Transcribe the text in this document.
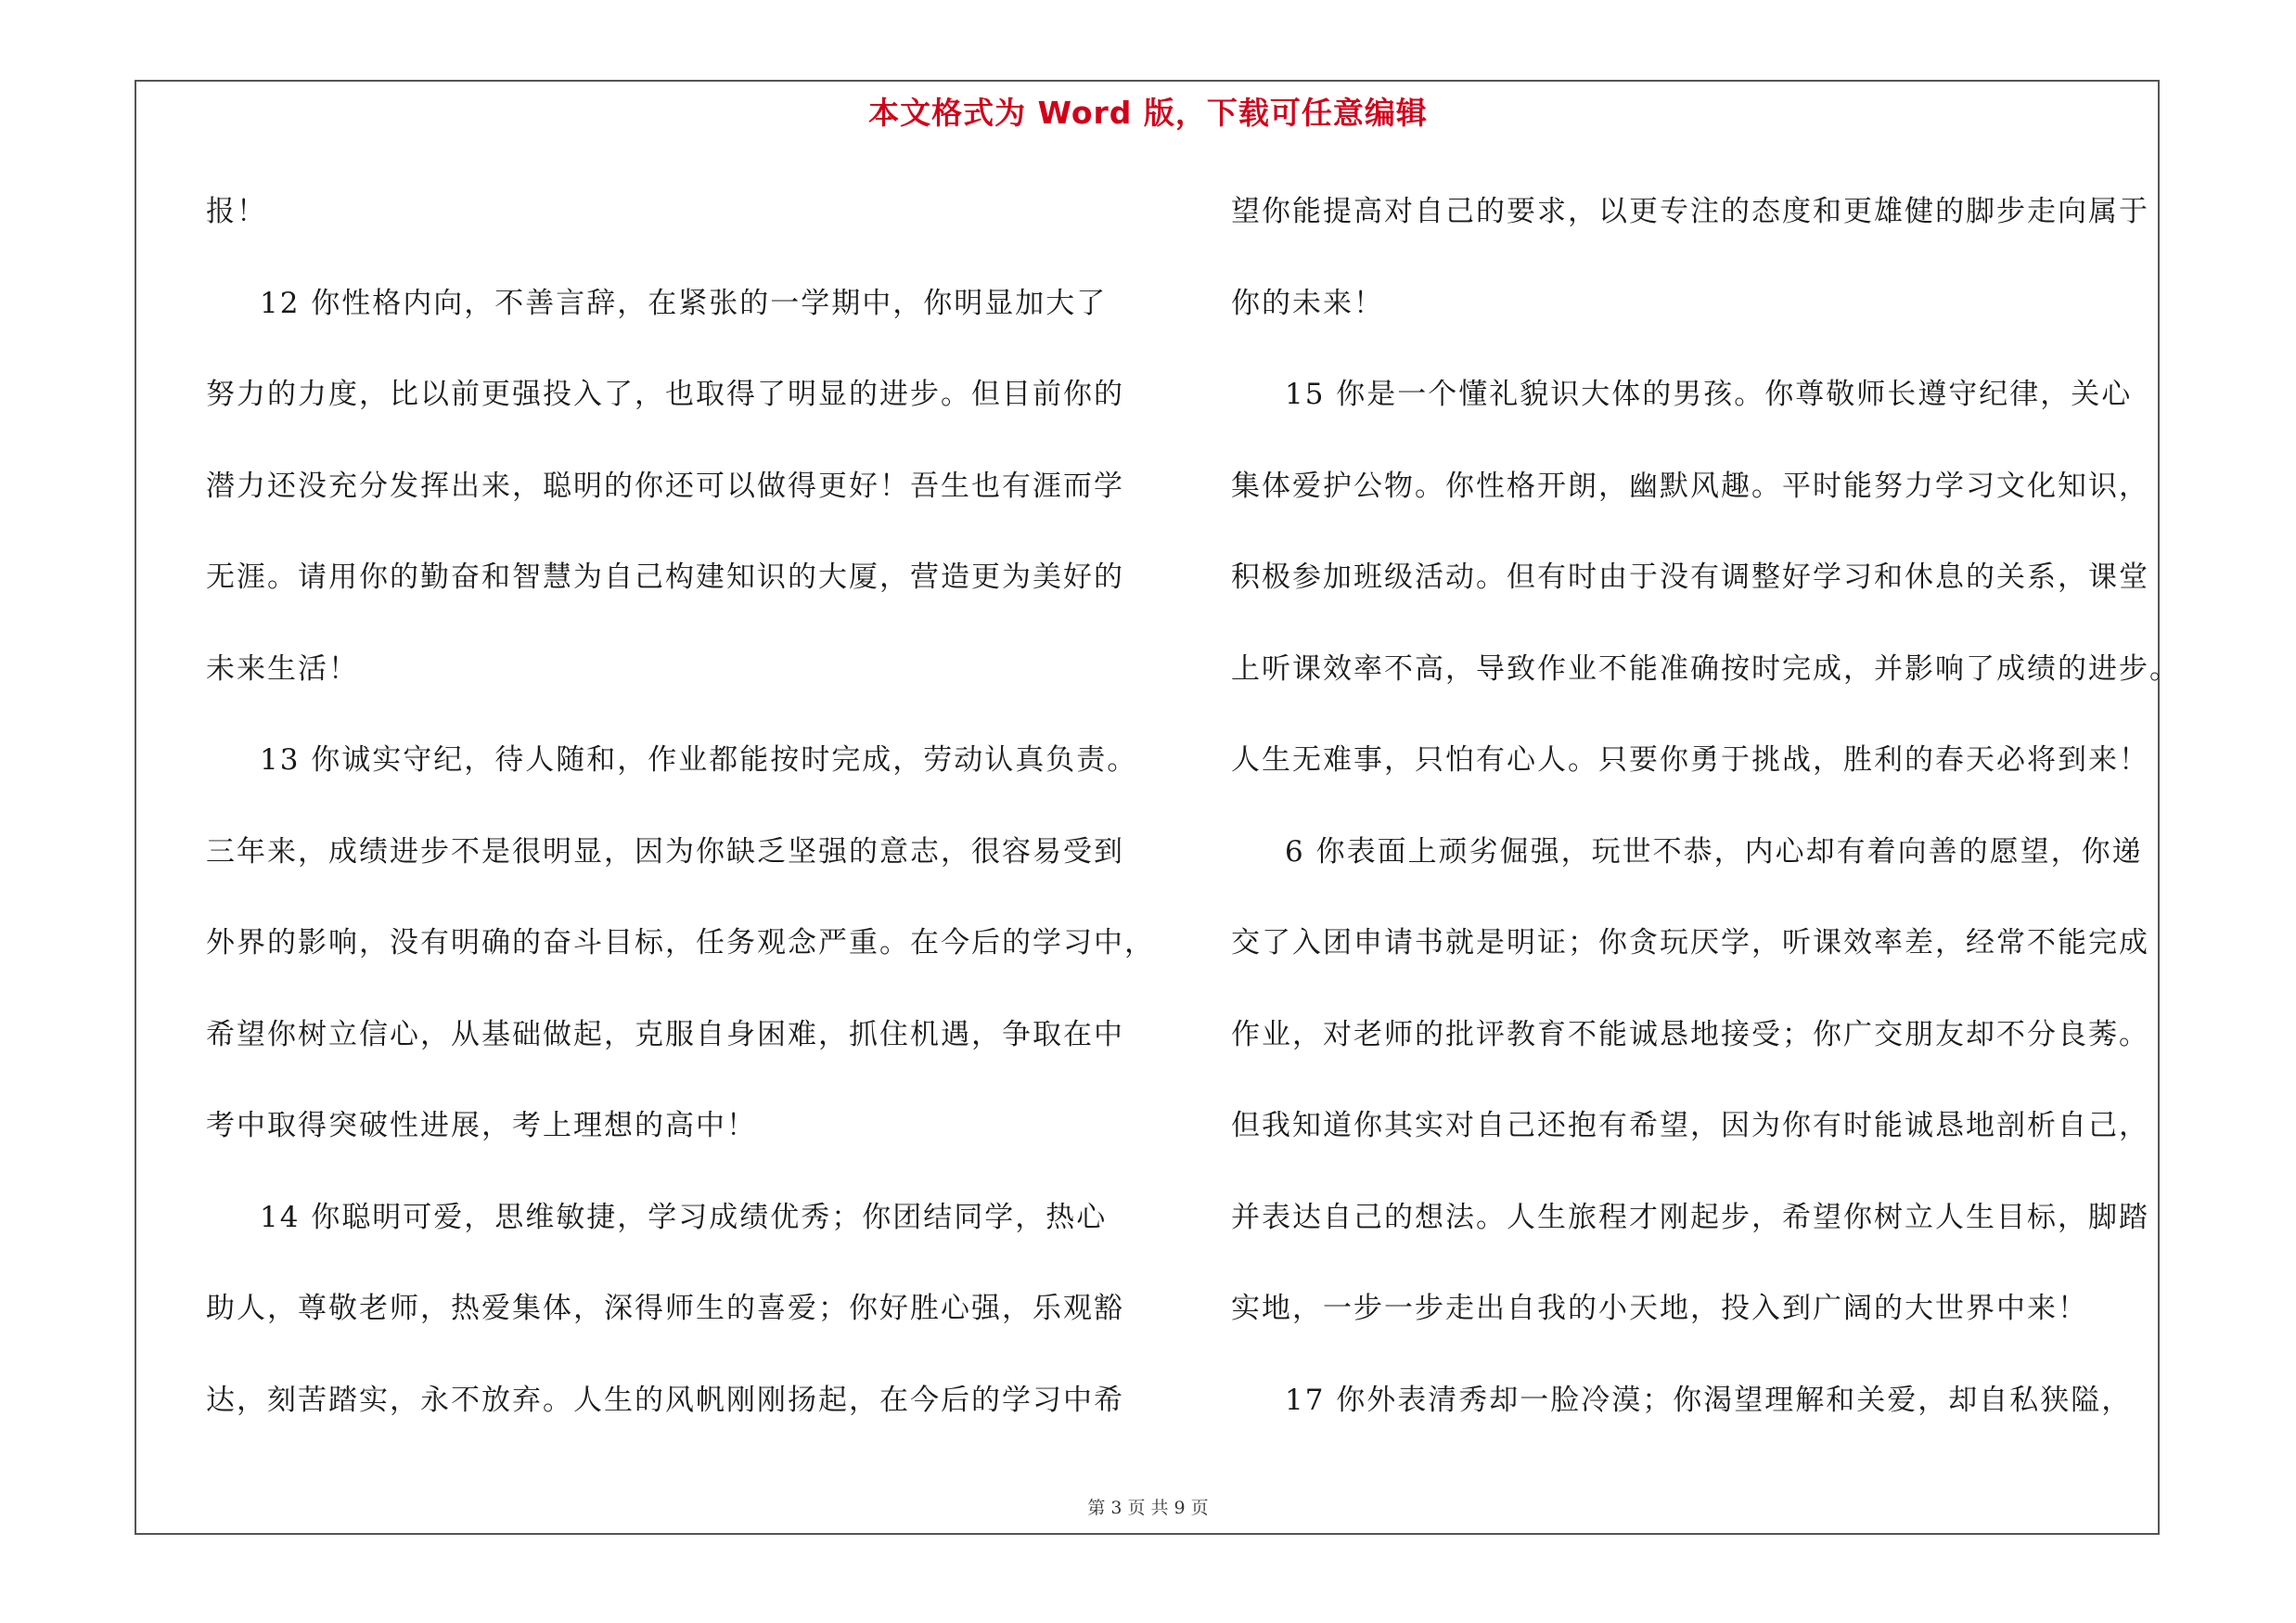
本文格式为 Word 版，下载可任意编辑
报！
12 你性格内向，不善言辞，在紧张的一学期中，你明显加大了
努力的力度，比以前更强投入了，也取得了明显的进步。但目前你的
潜力还没充分发挥出来，聪明的你还可以做得更好！吾生也有涯而学
无涯。请用你的勤奋和智慧为自己构建知识的大厦，营造更为美好的
未来生活！
13 你诚实守纪，待人随和，作业都能按时完成，劳动认真负责。
三年来，成绩进步不是很明显，因为你缺乏坚强的意志，很容易受到
外界的影响，没有明确的奋斗目标，任务观念严重。在今后的学习中，
希望你树立信心，从基础做起，克服自身困难，抓住机遇，争取在中
考中取得突破性进展，考上理想的高中！
14 你聪明可爱，思维敏捷，学习成绩优秀；你团结同学，热心
助人，尊敬老师，热爱集体，深得师生的喜爱；你好胜心强，乐观豁
达，刻苦踏实，永不放弃。人生的风帆刚刚扬起，在今后的学习中希
望你能提高对自己的要求，以更专注的态度和更雄健的脚步走向属于
你的未来！
15 你是一个懂礼貌识大体的男孩。你尊敬师长遵守纪律，关心
集体爱护公物。你性格开朗，幽默风趣。平时能努力学习文化知识，
积极参加班级活动。但有时由于没有调整好学习和休息的关系，课堂
上听课效率不高，导致作业不能准确按时完成，并影响了成绩的进步。
人生无难事，只怕有心人。只要你勇于挑战，胜利的春天必将到来！
6 你表面上顽劣倔强，玩世不恭，内心却有着向善的愿望，你递
交了入团申请书就是明证；你贪玩厌学，听课效率差，经常不能完成
作业，对老师的批评教育不能诚恳地接受；你广交朋友却不分良莠。
但我知道你其实对自己还抱有希望，因为你有时能诚恳地剖析自己，
并表达自己的想法。人生旅程才刚起步，希望你树立人生目标，脚踏
实地，一步一步走出自我的小天地，投入到广阔的大世界中来！
17 你外表清秀却一脸冷漠；你渴望理解和关爱，却自私狭隘，
第 3 页 共 9 页
